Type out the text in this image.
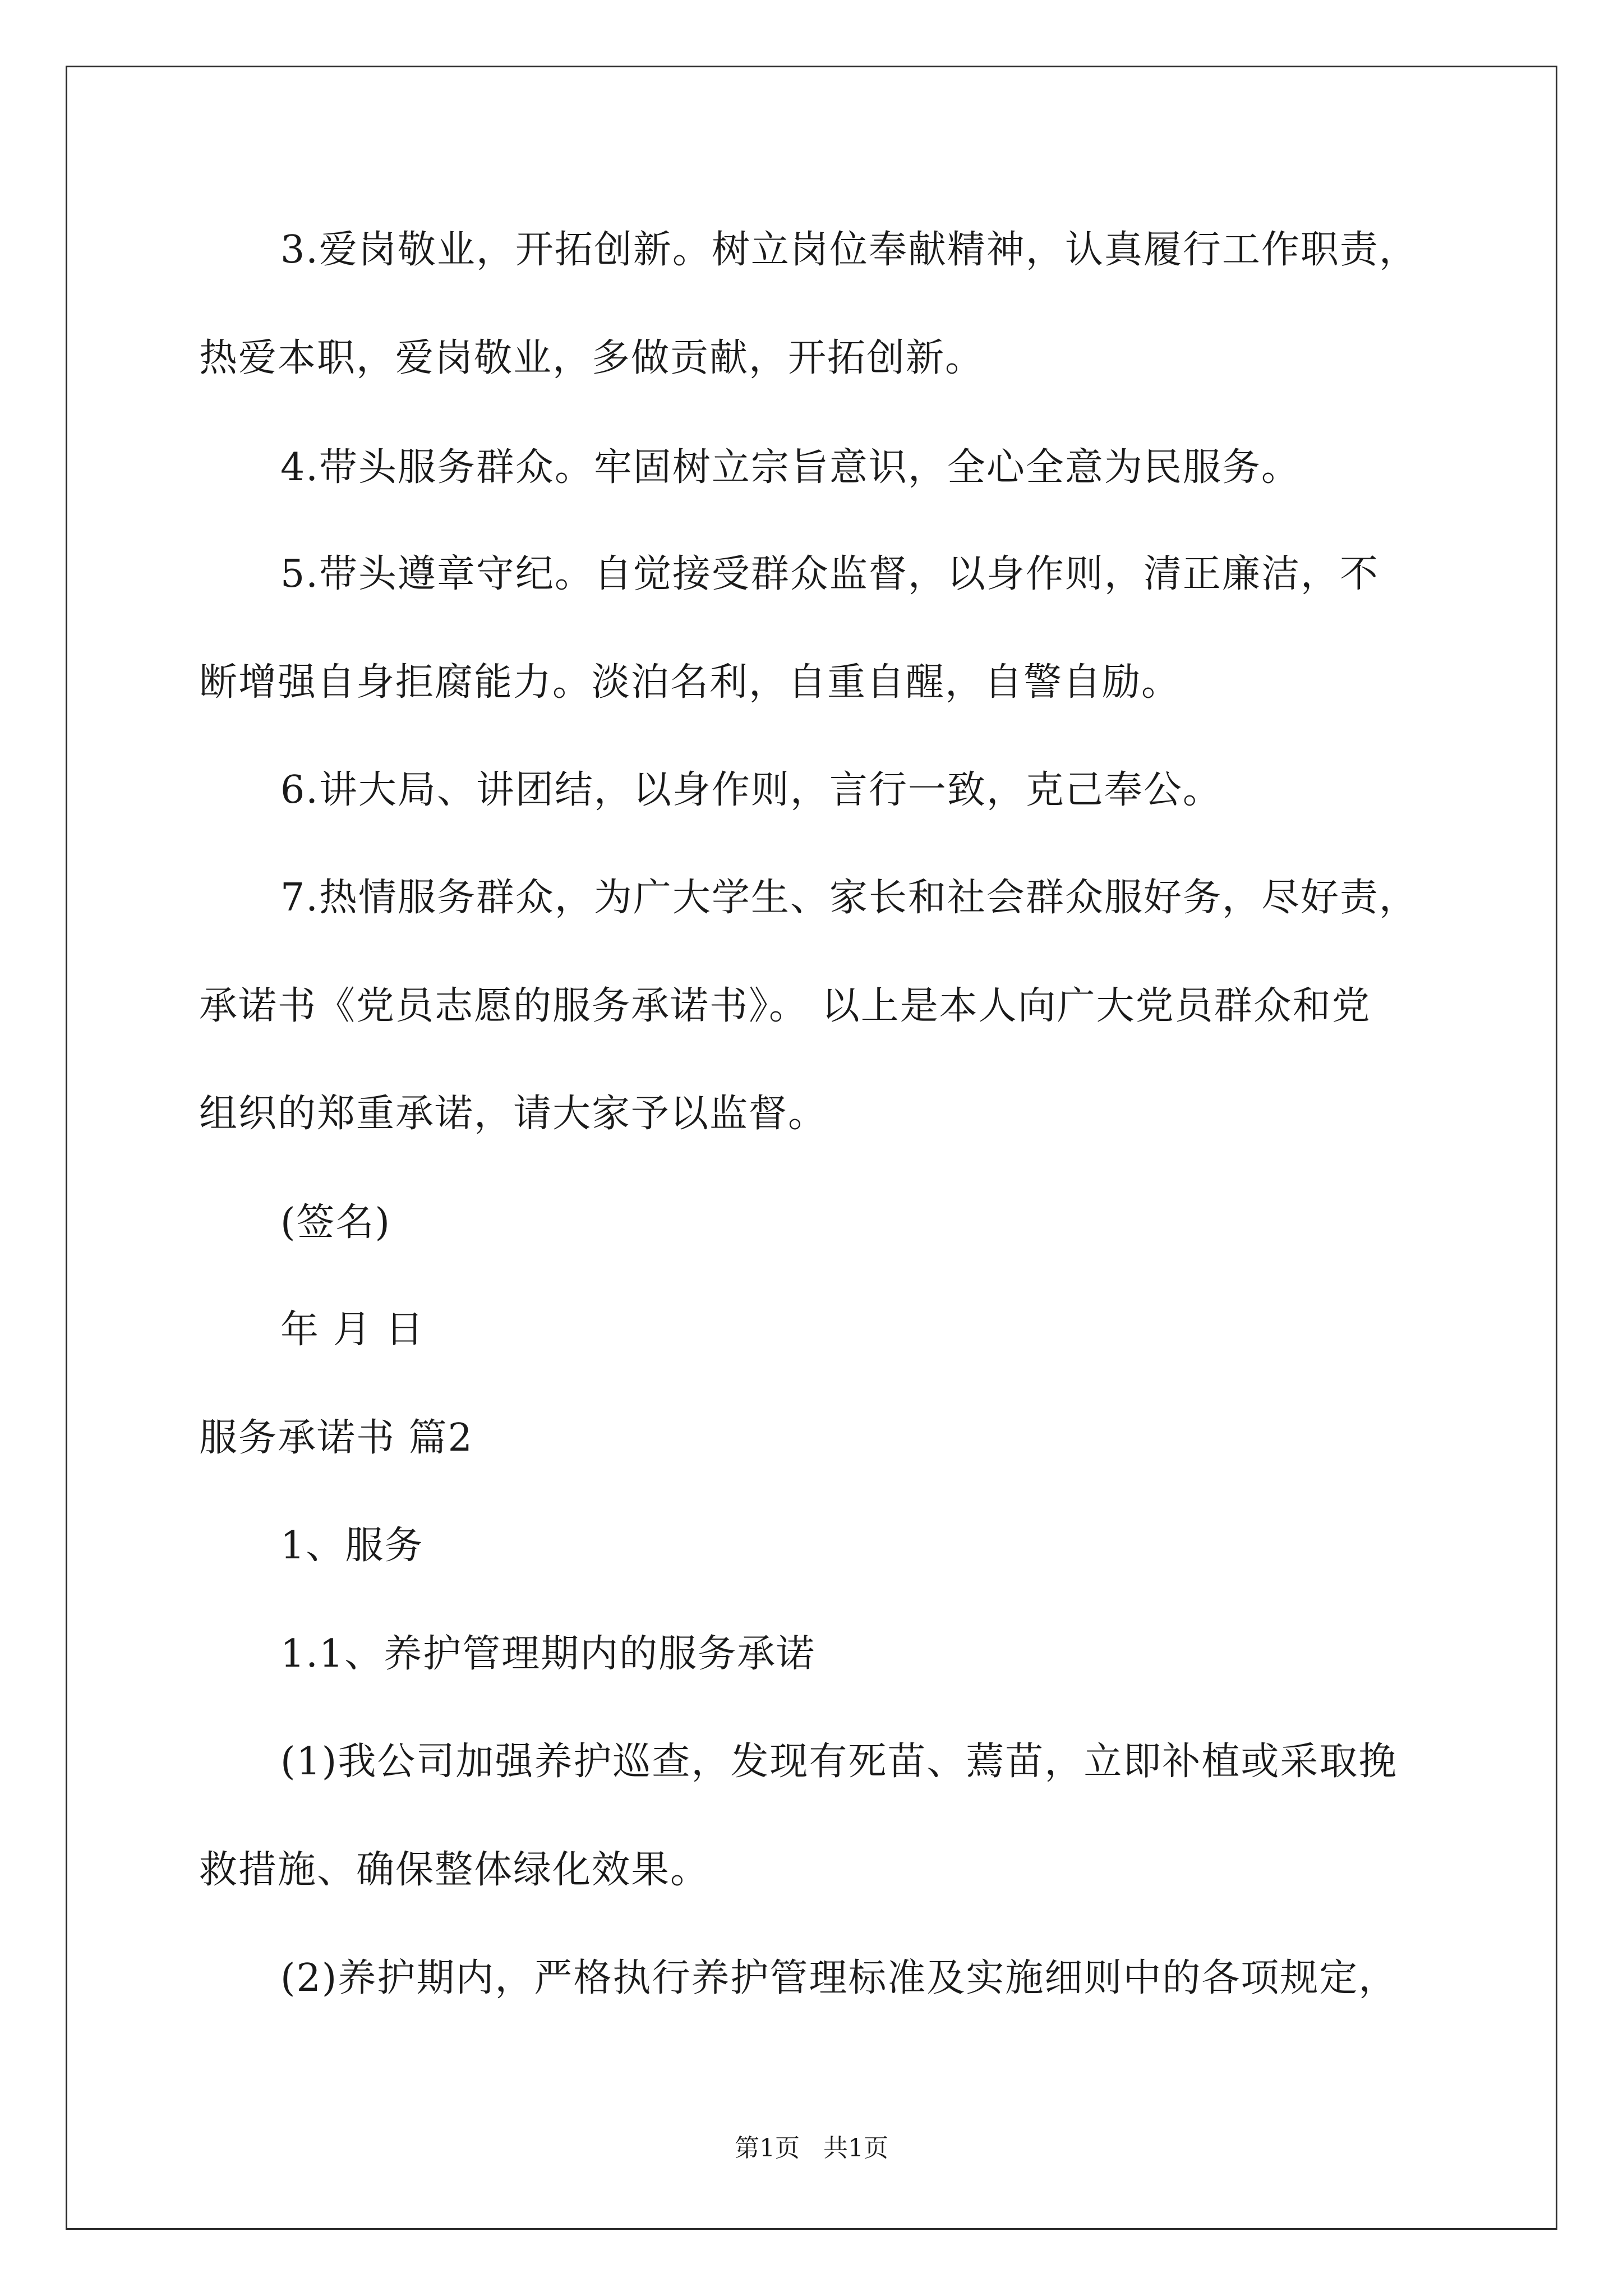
3.爱岗敬业，开拓创新。树立岗位奉献精神，认真履行工作职责，
热爱本职，爱岗敬业，多做贡献，开拓创新。
4.带头服务群众。牢固树立宗旨意识，全心全意为民服务。
5.带头遵章守纪。自觉接受群众监督，以身作则，清正廉洁，不
断增强自身拒腐能力。淡泊名利，自重自醒，自警自励。
6.讲大局、讲团结，以身作则，言行一致，克己奉公。
7.热情服务群众，为广大学生、家长和社会群众服好务，尽好责，
承诺书《党员志愿的服务承诺书》。 以上是本人向广大党员群众和党
组织的郑重承诺，请大家予以监督。
(签名)
年 月 日
服务承诺书 篇2
1、服务
1.1、养护管理期内的服务承诺
(1)我公司加强养护巡查，发现有死苗、蔫苗，立即补植或采取挽
救措施、确保整体绿化效果。
(2)养护期内，严格执行养护管理标准及实施细则中的各项规定，
第1页 共1页
